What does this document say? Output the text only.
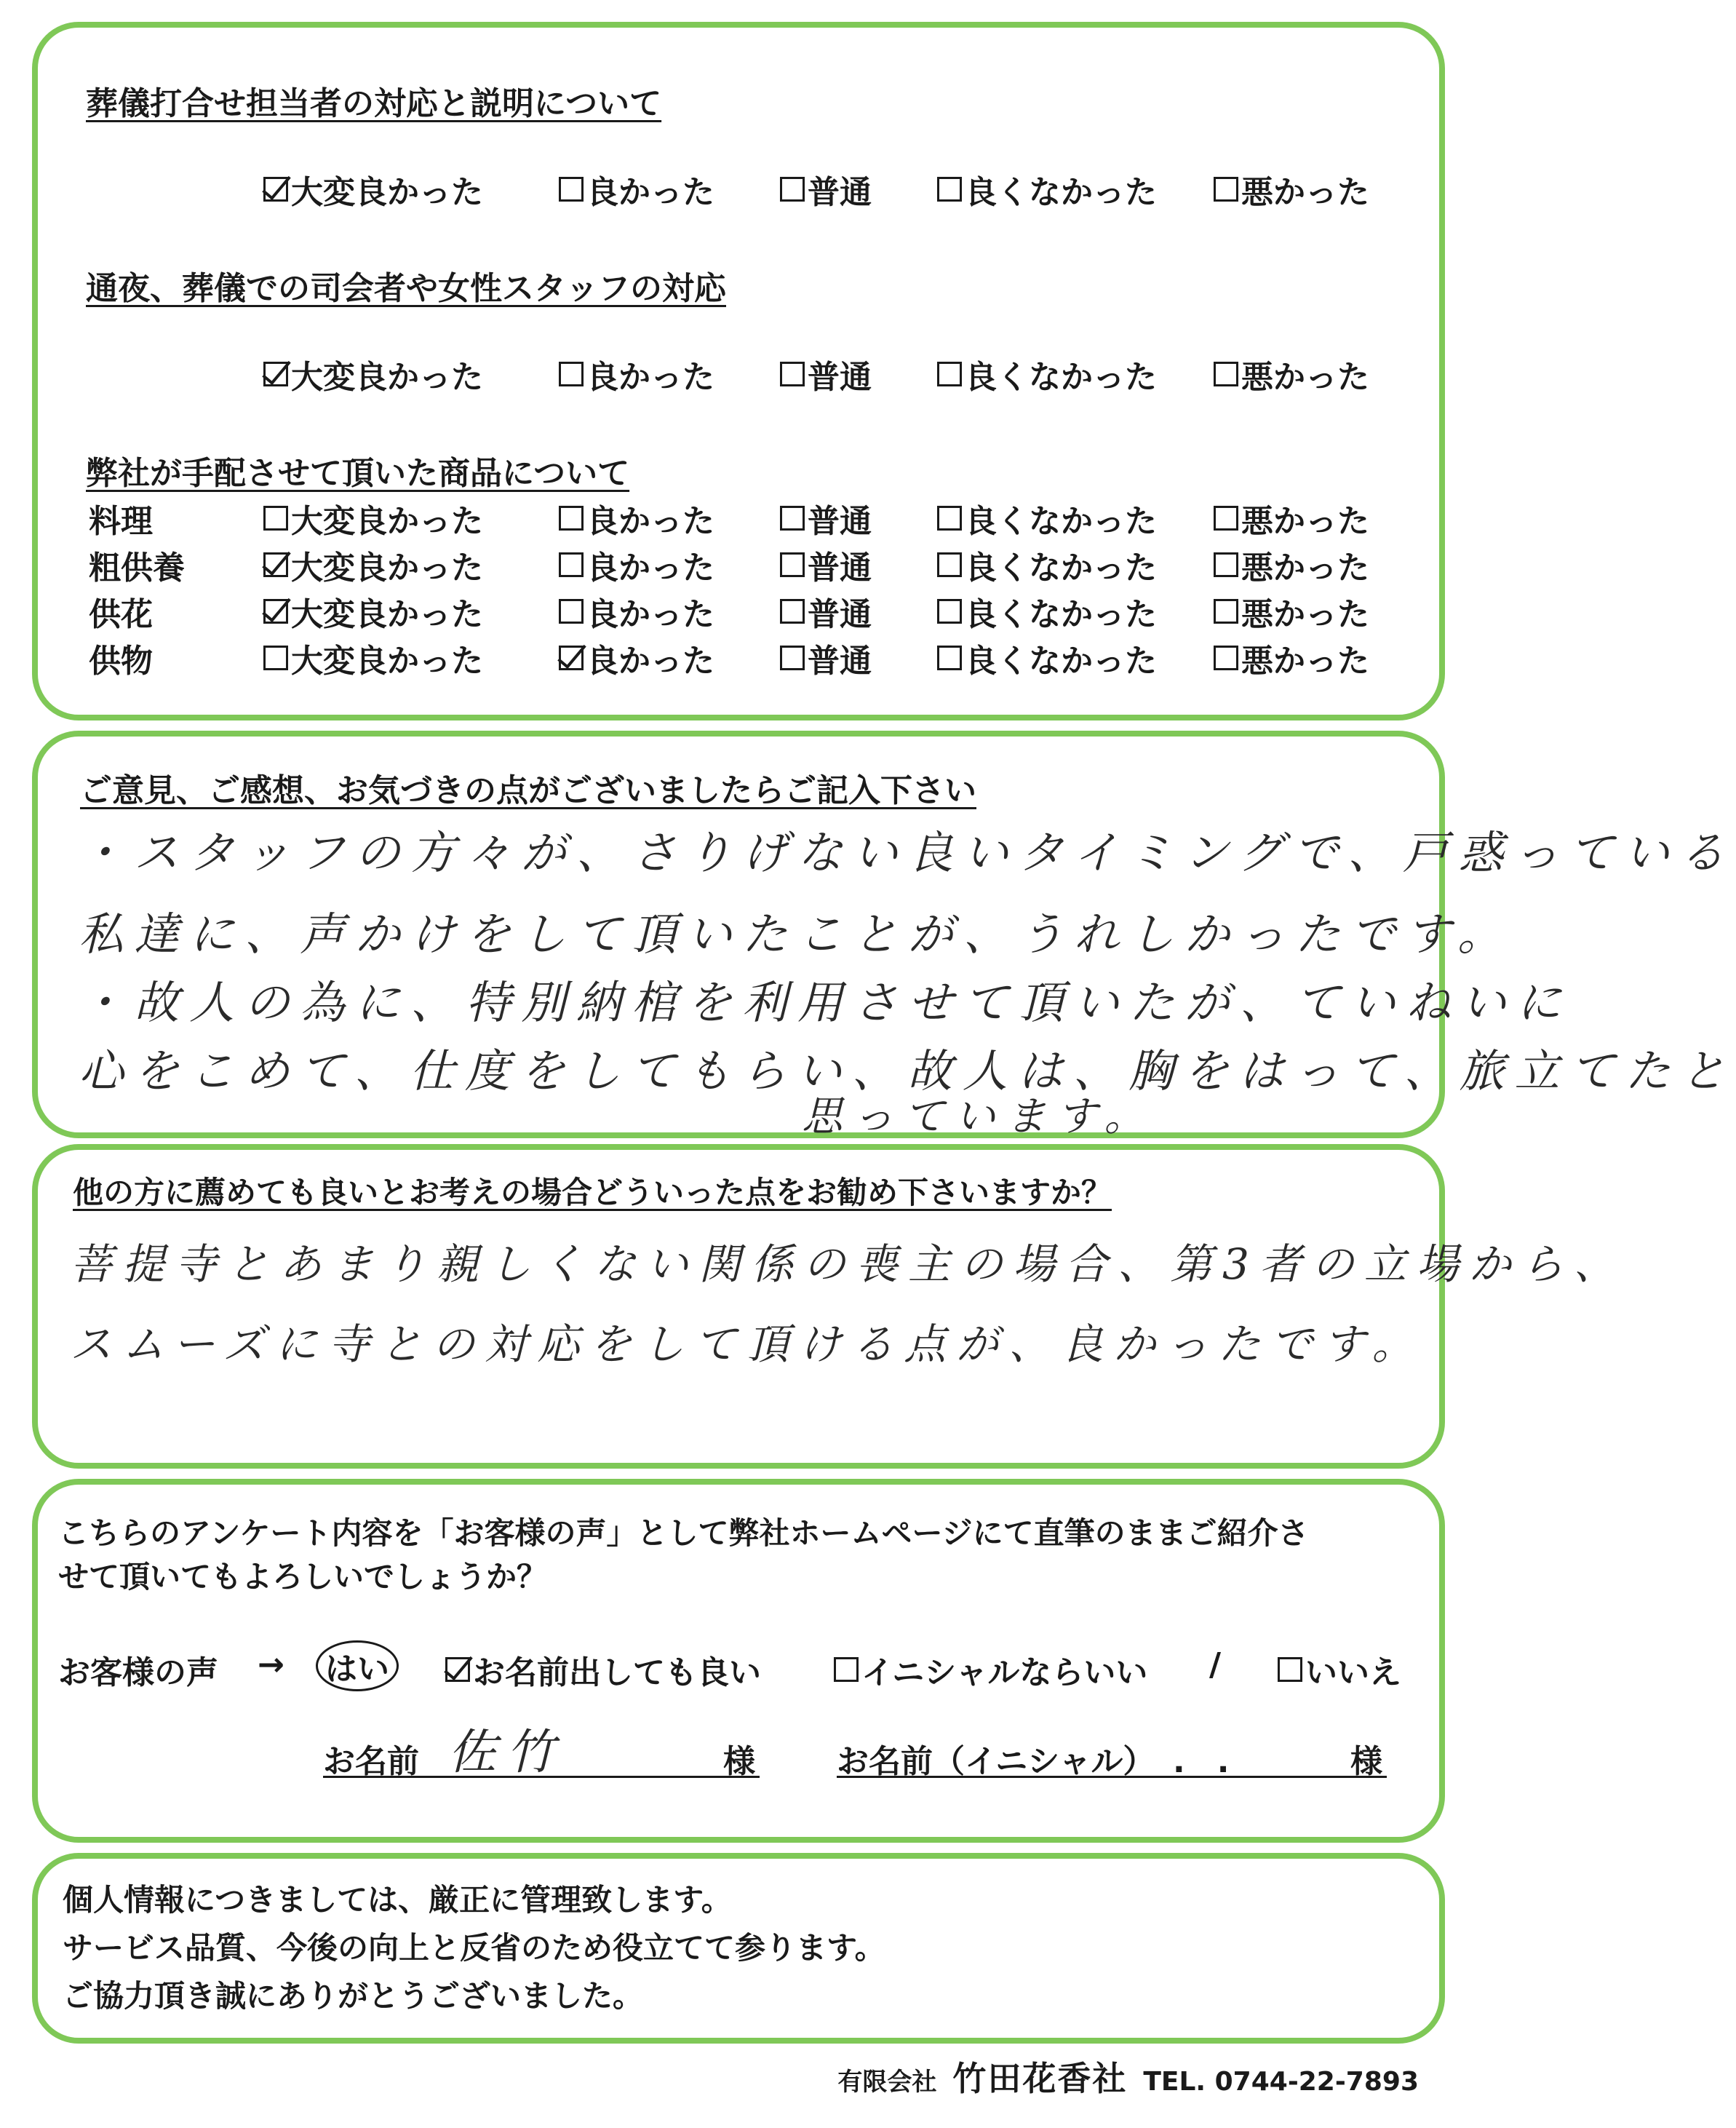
葬儀打合せ担当者の対応と説明について
大変良かった	良かった	普通	良くなかった	悪かった
通夜、葬儀での司会者や女性スタッフの対応
大変良かった	良かった	普通	良くなかった	悪かった
弊社が手配させて頂いた商品について
料理	大変良かった	良かった	普通	良くなかった	悪かった
粗供養	大変良かった	良かった	普通	良くなかった	悪かった
供花	大変良かった	良かった	普通	良くなかった	悪かった
供物	大変良かった	良かった	普通	良くなかった	悪かった
ご意見、ご感想、お気づきの点がございましたらご記入下さい
・スタッフの方々が、さりげない良いタイミングで、戸惑っている
私達に、声かけをして頂いたことが、うれしかったです。
・故人の為に、特別納棺を利用させて頂いたが、ていねいに
心をこめて、仕度をしてもらい、故人は、胸をはって、旅立てたと
思っています。
他の方に薦めても良いとお考えの場合どういった点をお勧め下さいますか？
菩提寺とあまり親しくない関係の喪主の場合、第3者の立場から、
スムーズに寺との対応をして頂ける点が、良かったです。
こちらのアンケート内容を「お客様の声」として弊社ホームページにて直筆のままご紹介さ
せて頂いてもよろしいでしょうか？
お客様の声 → はい	お名前出しても良い	イニシャルならいい /	いいえ
お名前 佐竹	様	お名前（イニシャル） .　.	様
個人情報につきましては、厳正に管理致します。
サービス品質、今後の向上と反省のため役立てて参ります。
ご協力頂き誠にありがとうございました。
有限会社 竹田花香社 TEL. 0744-22-7893
